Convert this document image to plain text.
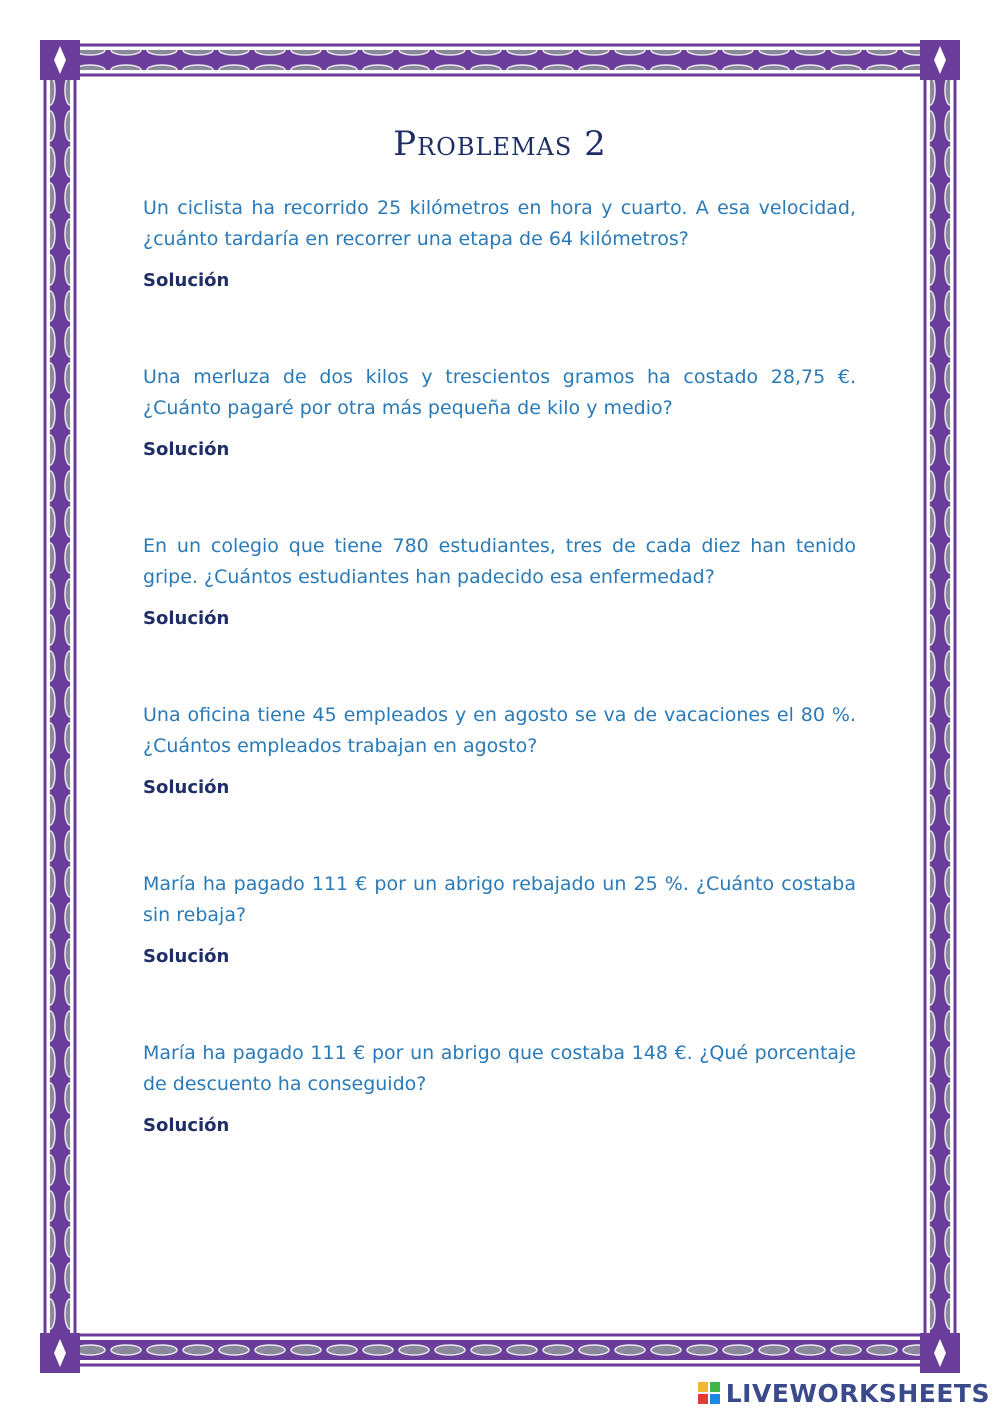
Problemas 2

Un ciclista ha recorrido 25 kilómetros en hora y cuarto. A esa velocidad, ¿cuánto tardaría en recorrer una etapa de 64 kilómetros?

Solución

Una merluza de dos kilos y trescientos gramos ha costado 28,75 €. ¿Cuánto pagaré por otra más pequeña de kilo y medio?

Solución

En un colegio que tiene 780 estudiantes, tres de cada diez han tenido gripe. ¿Cuántos estudiantes han padecido esa enfermedad?

Solución

Una oficina tiene 45 empleados y en agosto se va de vacaciones el 80 %. ¿Cuántos empleados trabajan en agosto?

Solución

María ha pagado 111 € por un abrigo rebajado un 25 %. ¿Cuánto costaba sin rebaja?

Solución

María ha pagado 111 € por un abrigo que costaba 148 €. ¿Qué porcentaje de descuento ha conseguido?

Solución

LIVEWORKSHEETS
